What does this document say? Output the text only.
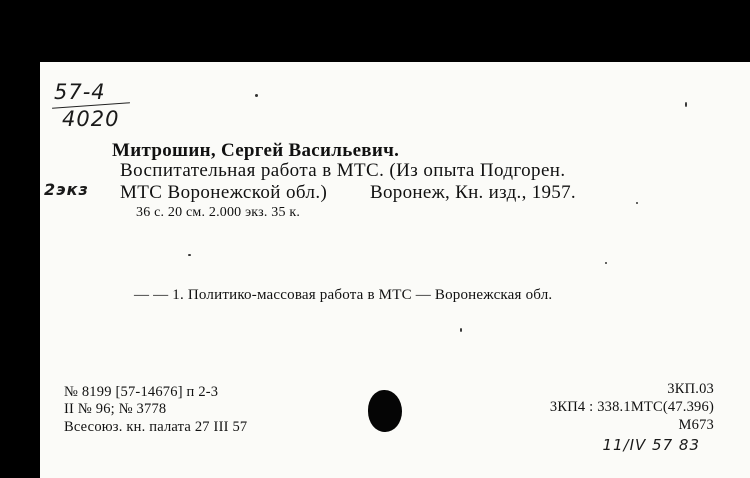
57-4
4020
2экз
Митрошин, Сергей Васильевич.
Воспитательная работа в МТС. (Из опыта Подгорен.
МТС Воронежской обл.) Воронеж, Кн. изд., 1957.
36 с. 20 см. 2.000 экз. 35 к.
— — 1. Политико-массовая работа в МТС — Воронежская обл.
№ 8199 [57-14676] п 2-3
II № 96; № 3778
Всесоюз. кн. палата 27 III 57
3КП.03
3КП4 : 338.1МТС(47.396)
М673
11/IV 57 83
